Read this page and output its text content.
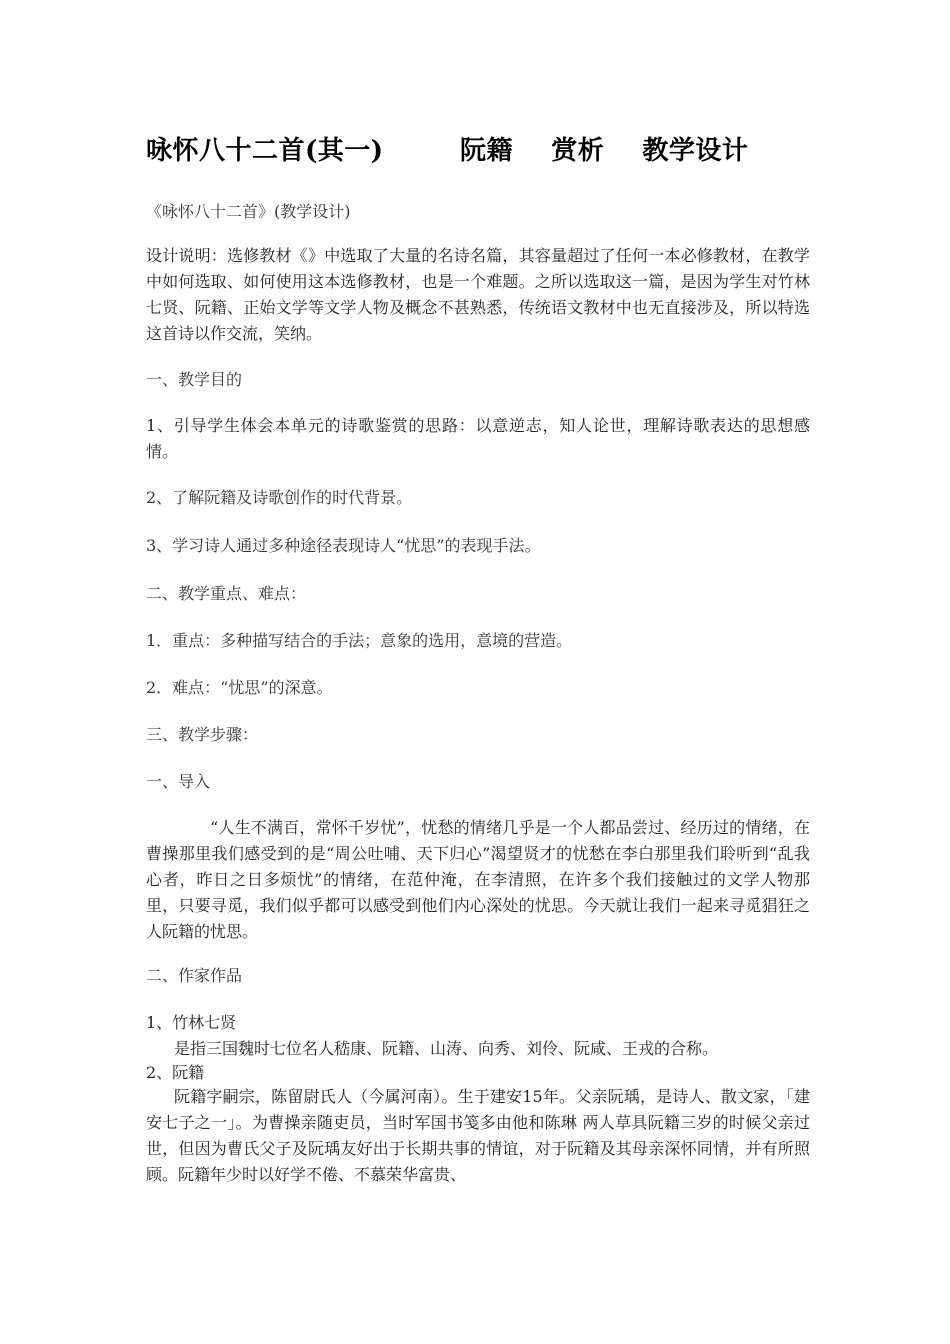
咏怀八十二首(其一)        阮籍    赏析    教学设计
《咏怀八十二首》(教学设计)
设计说明：选修教材《》中选取了大量的名诗名篇，其容量超过了任何一本必修教材，在教学中如何选取、如何使用这本选修教材，也是一个难题。之所以选取这一篇，是因为学生对竹林七贤、阮籍、正始文学等文学人物及概念不甚熟悉，传统语文教材中也无直接涉及，所以特选这首诗以作交流，笑纳。
一、教学目的
1、引导学生体会本单元的诗歌鉴赏的思路：以意逆志，知人论世，理解诗歌表达的思想感情。
2、了解阮籍及诗歌创作的时代背景。
3、学习诗人通过多种途径表现诗人“忧思”的表现手法。
二、教学重点、难点：
1．重点：多种描写结合的手法；意象的选用，意境的营造。
2．难点：“忧思”的深意。
三、教学步骤：
一、导入
“人生不满百，常怀千岁忧”，忧愁的情绪几乎是一个人都品尝过、经历过的情绪，在曹操那里我们感受到的是“周公吐哺、天下归心”渴望贤才的忧愁在李白那里我们聆听到“乱我心者，昨日之日多烦忧”的情绪，在范仲淹，在李清照，在许多个我们接触过的文学人物那里，只要寻觅，我们似乎都可以感受到他们内心深处的忧思。今天就让我们一起来寻觅猖狂之人阮籍的忧思。
二、作家作品
1、竹林七贤
是指三国魏时七位名人嵇康、阮籍、山涛、向秀、刘伶、阮咸、王戎的合称。
2、阮籍
阮籍字嗣宗，陈留尉氏人（今属河南）。生于建安15年。父亲阮瑀，是诗人、散文家，「建安七子之一」。为曹操亲随吏员，当时军国书笺多由他和陈琳 两人草具阮籍三岁的时候父亲过世，但因为曹氏父子及阮瑀友好出于长期共事的情谊，对于阮籍及其母亲深怀同情，并有所照顾。阮籍年少时以好学不倦、不慕荣华富贵、
